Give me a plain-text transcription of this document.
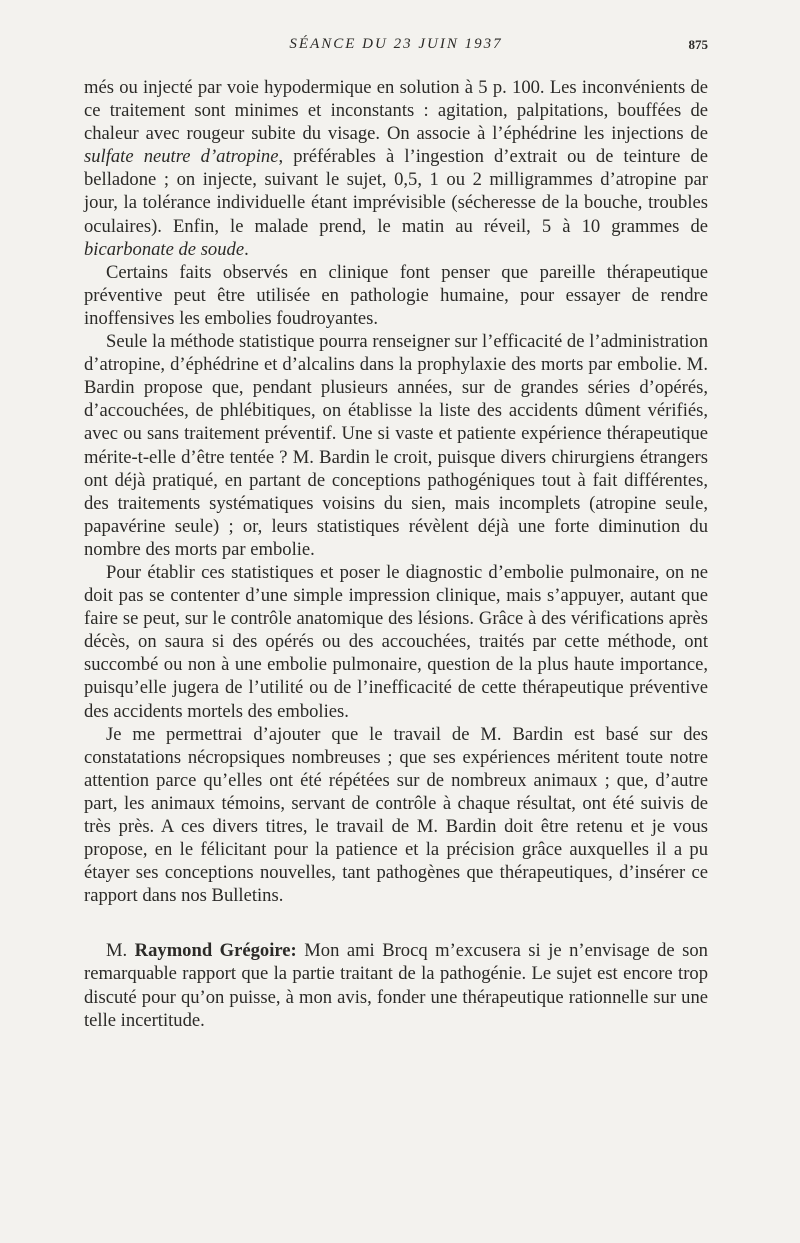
SÉANCE DU 23 JUIN 1937	875

més ou injecté par voie hypodermique en solution à 5 p. 100. Les inconvénients de ce traitement sont minimes et inconstants : agitation, palpitations, bouffées de chaleur avec rougeur subite du visage. On associe à l’éphédrine les injections de sulfate neutre d’atropine, préférables à l’ingestion d’extrait ou de teinture de belladone ; on injecte, suivant le sujet, 0,5, 1 ou 2 milligrammes d’atropine par jour, la tolérance individuelle étant imprévisible (sécheresse de la bouche, troubles oculaires). Enfin, le malade prend, le matin au réveil, 5 à 10 grammes de bicarbonate de soude.

Certains faits observés en clinique font penser que pareille thérapeutique préventive peut être utilisée en pathologie humaine, pour essayer de rendre inoffensives les embolies foudroyantes.

Seule la méthode statistique pourra renseigner sur l’efficacité de l’administration d’atropine, d’éphédrine et d’alcalins dans la prophylaxie des morts par embolie. M. Bardin propose que, pendant plusieurs années, sur de grandes séries d’opérés, d’accouchées, de phlébitiques, on établisse la liste des accidents dûment vérifiés, avec ou sans traitement préventif. Une si vaste et patiente expérience thérapeutique mérite-t-elle d’être tentée ? M. Bardin le croit, puisque divers chirurgiens étrangers ont déjà pratiqué, en partant de conceptions pathogéniques tout à fait différentes, des traitements systématiques voisins du sien, mais incomplets (atropine seule, papavérine seule) ; or, leurs statistiques révèlent déjà une forte diminution du nombre des morts par embolie.

Pour établir ces statistiques et poser le diagnostic d’embolie pulmonaire, on ne doit pas se contenter d’une simple impression clinique, mais s’appuyer, autant que faire se peut, sur le contrôle anatomique des lésions. Grâce à des vérifications après décès, on saura si des opérés ou des accouchées, traités par cette méthode, ont succombé ou non à une embolie pulmonaire, question de la plus haute importance, puisqu’elle jugera de l’utilité ou de l’inefficacité de cette thérapeutique préventive des accidents mortels des embolies.

Je me permettrai d’ajouter que le travail de M. Bardin est basé sur des constatations nécropsiques nombreuses ; que ses expériences méritent toute notre attention parce qu’elles ont été répétées sur de nombreux animaux ; que, d’autre part, les animaux témoins, servant de contrôle à chaque résultat, ont été suivis de très près. A ces divers titres, le travail de M. Bardin doit être retenu et je vous propose, en le félicitant pour la patience et la précision grâce auxquelles il a pu étayer ses conceptions nouvelles, tant pathogènes que thérapeutiques, d’insérer ce rapport dans nos Bulletins.

M. Raymond Grégoire: Mon ami Brocq m’excusera si je n’envisage de son remarquable rapport que la partie traitant de la pathogénie. Le sujet est encore trop discuté pour qu’on puisse, à mon avis, fonder une thérapeutique rationnelle sur une telle incertitude.
